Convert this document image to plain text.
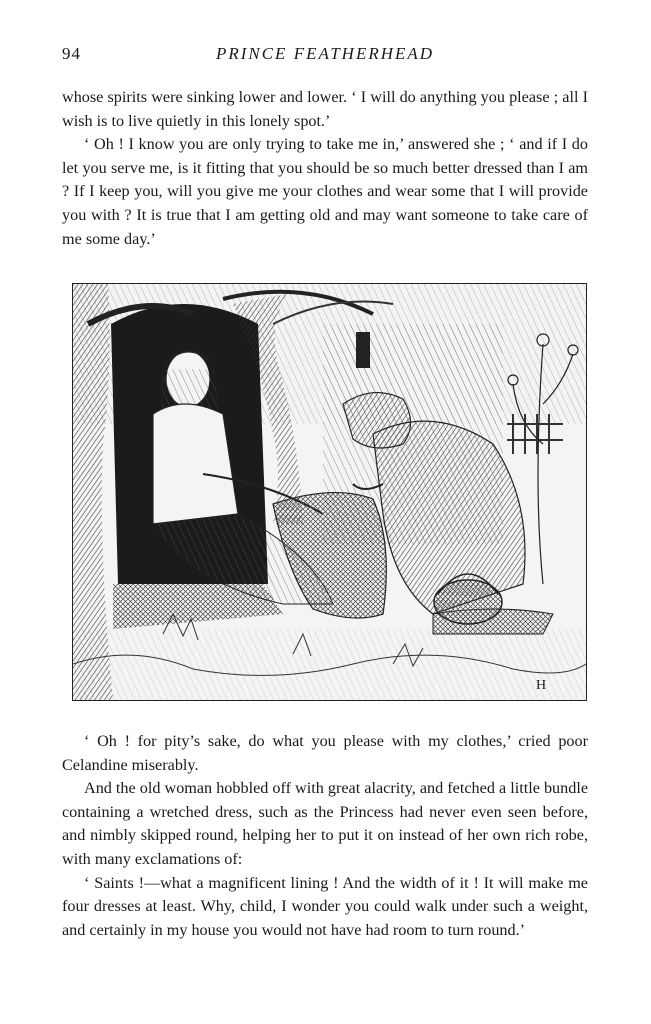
94	PRINCE FEATHERHEAD

whose spirits were sinking lower and lower. ‘ I will do anything you please ; all I wish is to live quietly in this lonely spot.’

‘ Oh ! I know you are only trying to take me in,’ answered she ; ‘ and if I do let you serve me, is it fitting that you should be so much better dressed than I am ? If I keep you, will you give me your clothes and wear some that I will provide you with ? It is true that I am getting old and may want someone to take care of me some day.’

H

‘ Oh ! for pity’s sake, do what you please with my clothes,’ cried poor Celandine miserably.

And the old woman hobbled off with great alacrity, and fetched a little bundle containing a wretched dress, such as the Princess had never even seen before, and nimbly skipped round, helping her to put it on instead of her own rich robe, with many exclamations of:

‘ Saints !—what a magnificent lining ! And the width of it ! It will make me four dresses at least. Why, child, I wonder you could walk under such a weight, and certainly in my house you would not have had room to turn round.’
